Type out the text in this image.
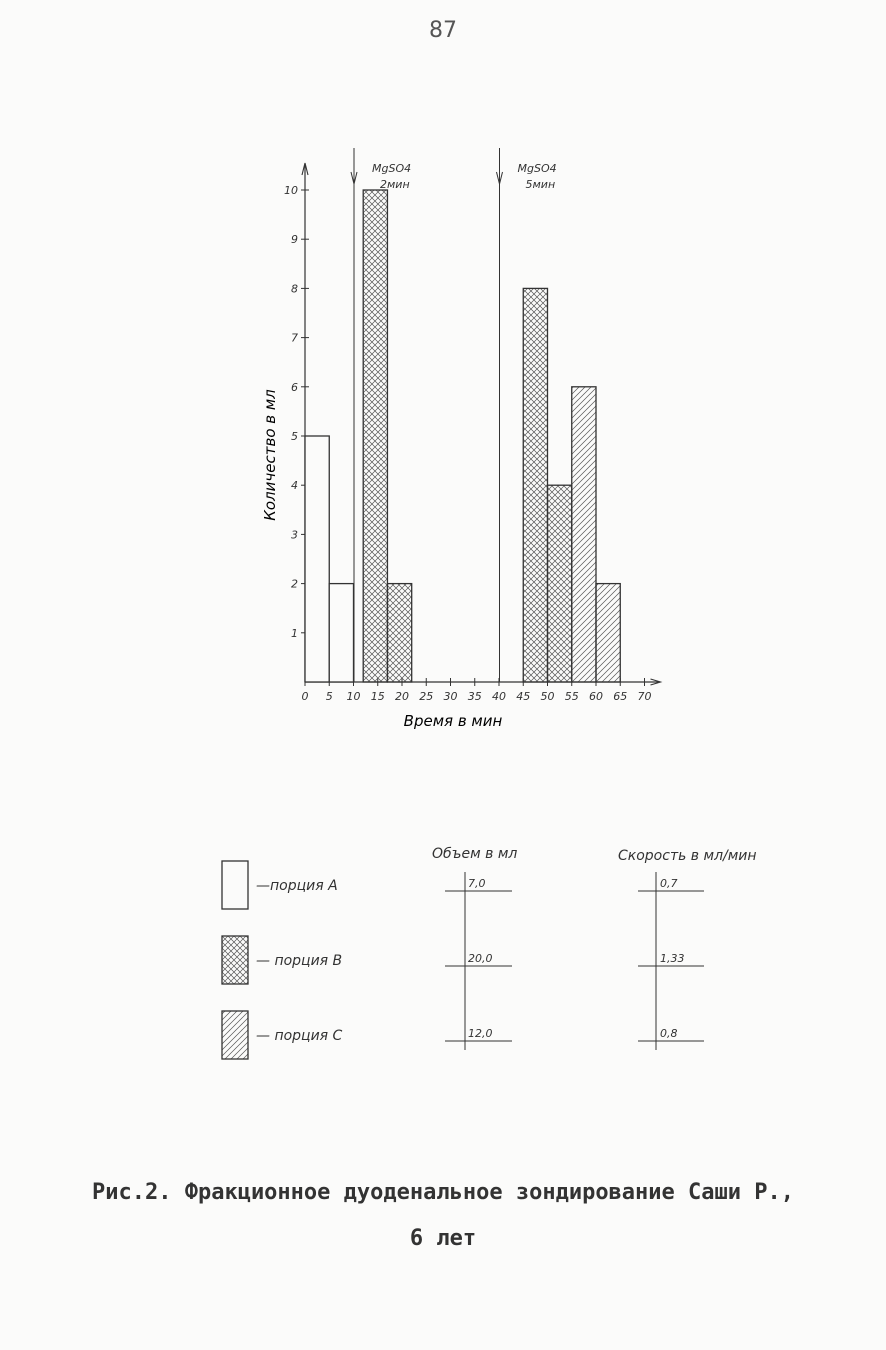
87
0 5 10 15 20 25 30 35 40 45 50 55 60 65 70
1
2
3
4
5
6
7
8
9
10
MgSO4
2мин
MgSO4
5мин
Время в мин
Количество в мл
Объем в мл	Скорость в мл/мин
—порция А	7,0	0,7
— порция В	20,0	1,33
— порция С	12,0	0,8
Рис.2. Фракционное дуоденальное зондирование Саши Р.,
6 лет
